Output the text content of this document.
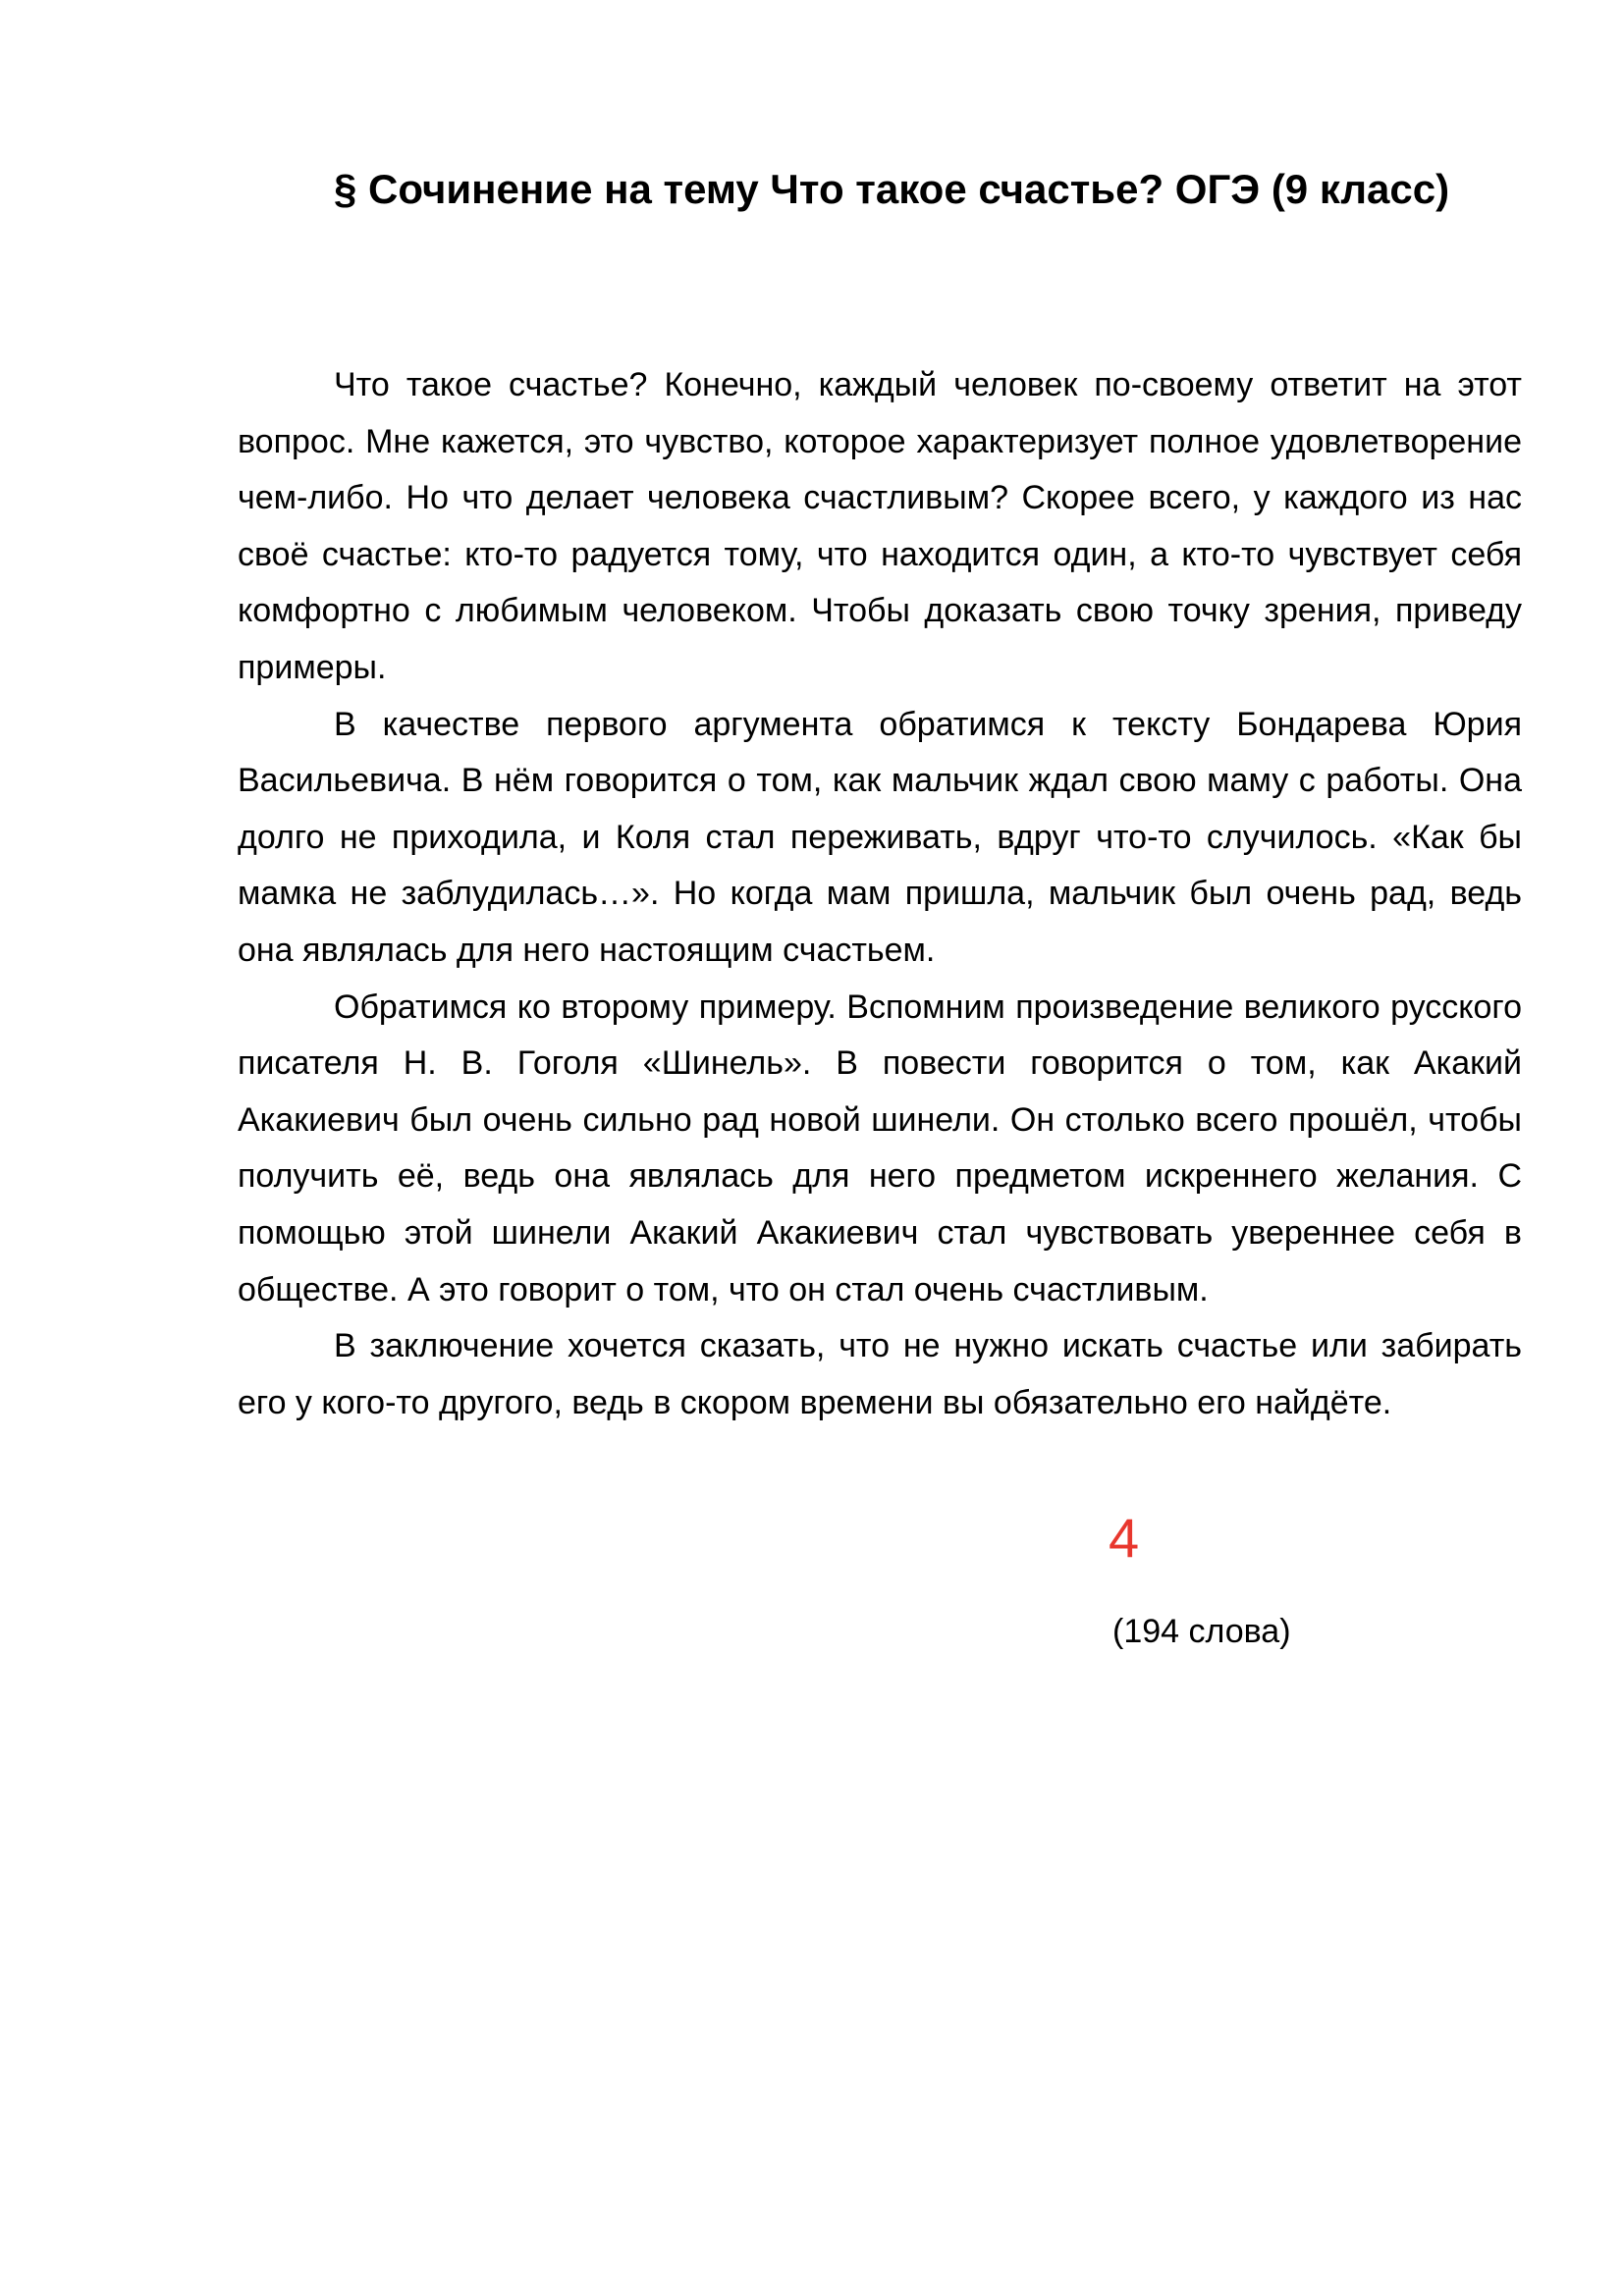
§ Сочинение на тему Что такое счастье? ОГЭ (9 класс)

Что такое счастье? Конечно, каждый человек по-своему ответит на этот вопрос. Мне кажется, это чувство, которое характеризует полное удовлетворение чем-либо. Но что делает человека счастливым? Скорее всего, у каждого из нас своё счастье: кто-то радуется тому, что находится один, а кто-то чувствует себя комфортно с любимым человеком. Чтобы доказать свою точку зрения, приведу примеры.

В качестве первого аргумента обратимся к тексту Бондарева Юрия Васильевича. В нём говорится о том, как мальчик ждал свою маму с работы. Она долго не приходила, и Коля стал переживать, вдруг что-то случилось. «Как бы мамка не заблудилась…». Но когда мам пришла, мальчик был очень рад, ведь она являлась для него настоящим счастьем.

Обратимся ко второму примеру. Вспомним произведение великого русского писателя Н. В. Гоголя «Шинель». В повести говорится о том, как Акакий Акакиевич был очень сильно рад новой шинели. Он столько всего прошёл, чтобы получить её, ведь она являлась для него предметом искреннего желания. С помощью этой шинели Акакий Акакиевич стал чувствовать увереннее себя в обществе. А это говорит о том, что он стал очень счастливым.

В заключение хочется сказать, что не нужно искать счастье или забирать его у кого-то другого, ведь в скором времени вы обязательно его найдёте.

4
(194 слова)
